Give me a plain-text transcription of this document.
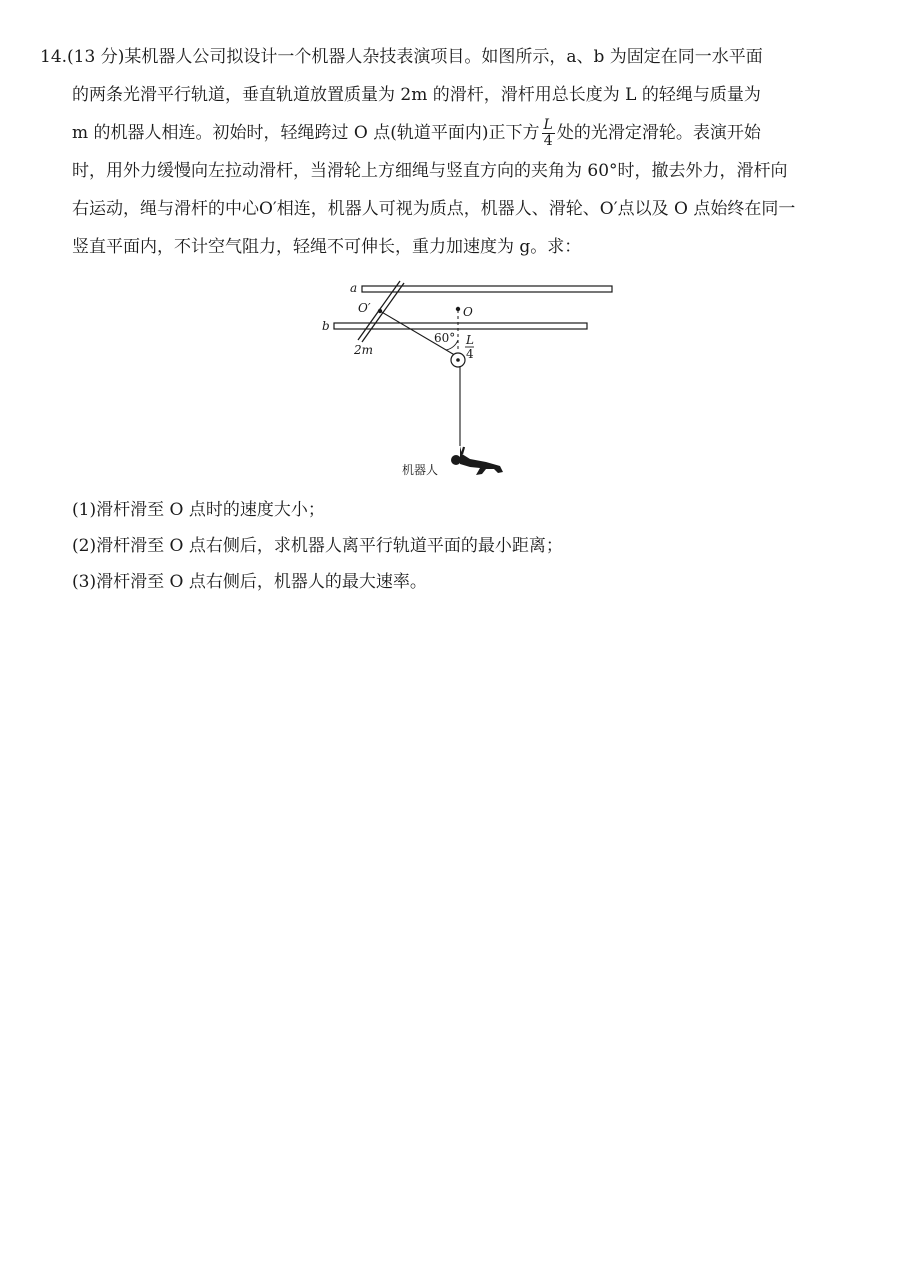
14.(13 分)某机器人公司拟设计一个机器人杂技表演项目。如图所示，a、b 为固定在同一水平面
的两条光滑平行轨道，垂直轨道放置质量为 2m 的滑杆，滑杆用总长度为 L 的轻绳与质量为
m 的机器人相连。初始时，轻绳跨过 O 点(轨道平面内)正下方 $\frac{L}{4}$ 处的光滑定滑轮。表演开始
时，用外力缓慢向左拉动滑杆，当滑轮上方细绳与竖直方向的夹角为 60°时，撤去外力，滑杆向
右运动，绳与滑杆的中心O′相连，机器人可视为质点，机器人、滑轮、O′点以及 O 点始终在同一
竖直平面内，不计空气阻力，轻绳不可伸长，重力加速度为 g。求：
a
b
O′	O
60°
2m
L
4
机器人
(1)滑杆滑至 O 点时的速度大小；
(2)滑杆滑至 O 点右侧后，求机器人离平行轨道平面的最小距离；
(3)滑杆滑至 O 点右侧后，机器人的最大速率。
